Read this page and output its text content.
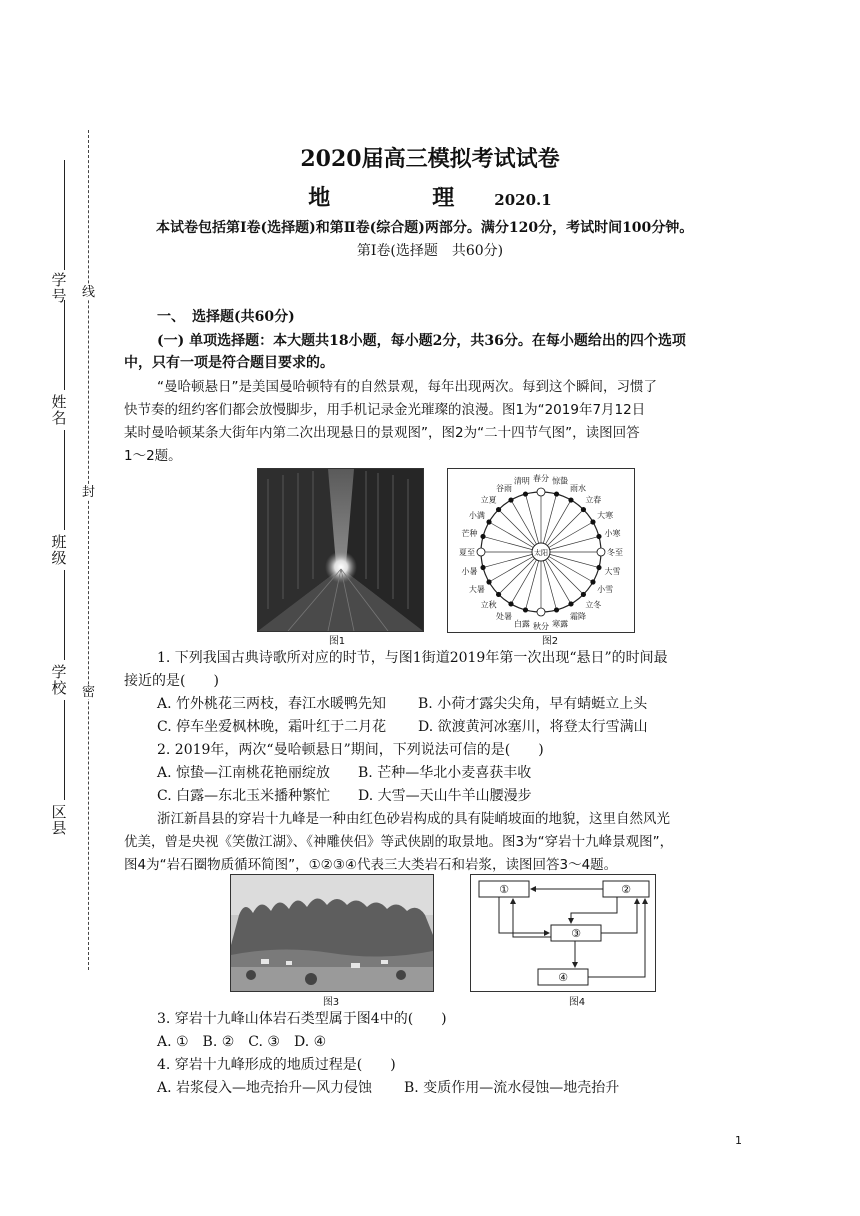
学号
姓名
班级
学校
区县
线
封
密
2020届高三模拟考试试卷
地　理2020.1
本试卷包括第Ⅰ卷(选择题)和第Ⅱ卷(综合题)两部分。满分120分，考试时间100分钟。
第Ⅰ卷(选择题　共60分)
一、　选择题(共60分)
(一) 单项选择题：本大题共18小题，每小题2分，共36分。在每小题给出的四个选项
中，只有一项是符合题目要求的。
“曼哈顿悬日”是美国曼哈顿特有的自然景观，每年出现两次。每到这个瞬间，习惯了
快节奏的纽约客们都会放慢脚步，用手机记录金光璀璨的浪漫。图1为“2019年7月12日
某时曼哈顿某条大街年内第二次出现悬日的景观图”，图2为“二十四节气图”，读图回答
1～2题。
图1
春分 惊蛰
雨水
立春
大寒
小寒
冬至
大雪
小雪
立冬
霜降
寒露
秋分
白露
处暑
立秋
大暑
小暑
夏至
芒种
小满
立夏
谷雨
清明
太阳
图2
1. 下列我国古典诗歌所对应的时节，与图1街道2019年第一次出现“悬日”的时间最
接近的是(　　)
A. 竹外桃花三两枝，春江水暖鸭先知 B. 小荷才露尖尖角，早有蜻蜓立上头
C. 停车坐爱枫林晚，霜叶红于二月花 D. 欲渡黄河冰塞川，将登太行雪满山
2. 2019年，两次“曼哈顿悬日”期间，下列说法可信的是(　　)
A. 惊蛰—江南桃花艳丽绽放 B. 芒种—华北小麦喜获丰收
C. 白露—东北玉米播种繁忙 D. 大雪—天山牛羊山腰漫步
浙江新昌县的穿岩十九峰是一种由红色砂岩构成的具有陡峭坡面的地貌，这里自然风光
优美，曾是央视《笑傲江湖》、《神雕侠侣》等武侠剧的取景地。图3为“穿岩十九峰景观图”，
图4为“岩石圈物质循环简图”，①②③④代表三大类岩石和岩浆，读图回答3～4题。
图3
①	②
③
④
图4
3. 穿岩十九峰山体岩石类型属于图4中的(　　)
A. ①　B. ②　C. ③　D. ④
4. 穿岩十九峰形成的地质过程是(　　)
A. 岩浆侵入—地壳抬升—风力侵蚀 B. 变质作用—流水侵蚀—地壳抬升
1
